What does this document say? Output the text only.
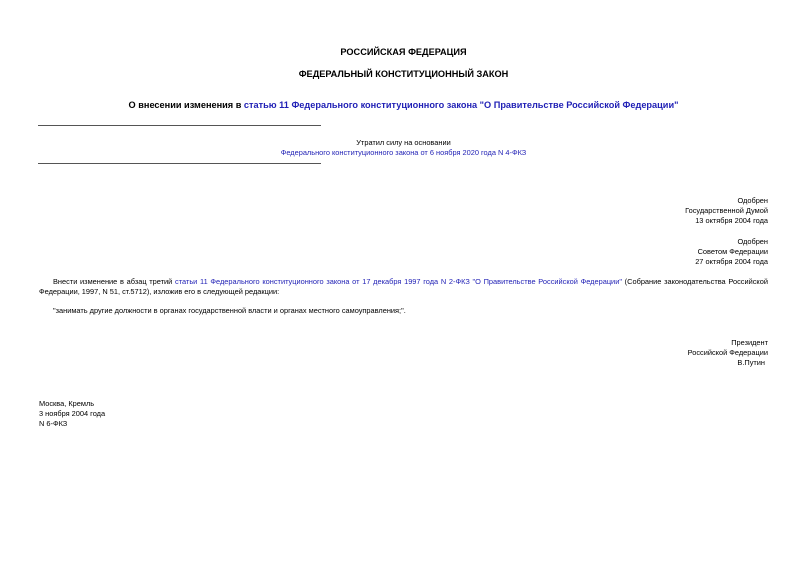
РОССИЙСКАЯ ФЕДЕРАЦИЯ
ФЕДЕРАЛЬНЫЙ КОНСТИТУЦИОННЫЙ ЗАКОН
О внесении изменения в статью 11 Федерального конституционного закона "О Правительстве Российской Федерации"
Утратил силу на основании
Федерального конституционного закона от 6 ноября 2020 года N 4-ФКЗ
Одобрен
Государственной Думой
13 октября 2004 года
Одобрен
Советом Федерации
27 октября 2004 года
Внести изменение в абзац третий статьи 11 Федерального конституционного закона от 17 декабря 1997 года N 2-ФКЗ "О Правительстве Российской Федерации" (Собрание законодательства Российской Федерации, 1997, N 51, ст.5712), изложив его в следующей редакции:
"занимать другие должности в органах государственной власти и органах местного самоуправления;".
Президент
Российской Федерации
В.Путин
Москва, Кремль
3 ноября 2004 года
N 6-ФКЗ
